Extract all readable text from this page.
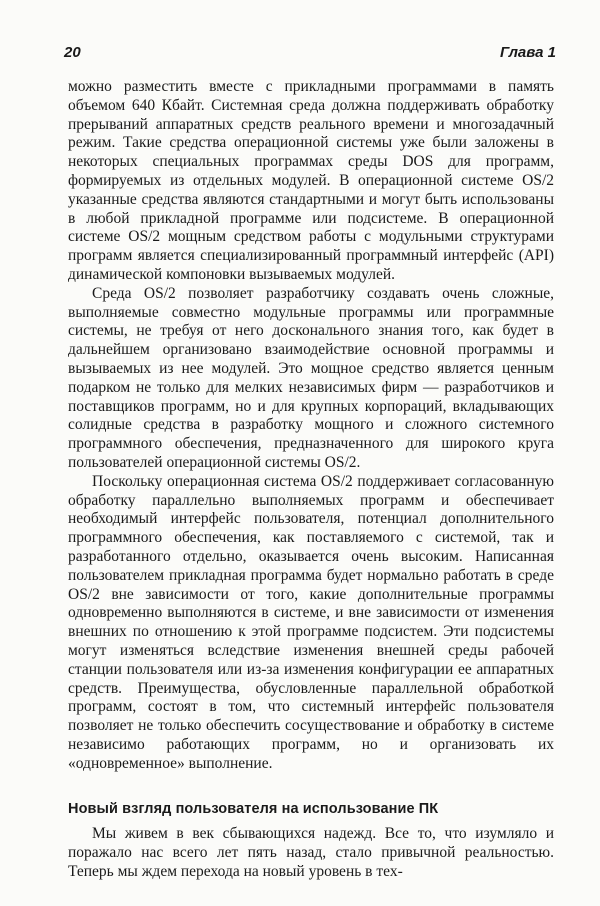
20	Глава 1

можно разместить вместе с прикладными программами в память объемом 640 Кбайт. Системная среда должна поддерживать обработку прерываний аппаратных средств реального времени и многозадачный режим. Такие средства операционной системы уже были заложены в некоторых специальных программах среды DOS для программ, формируемых из отдельных модулей. В операционной системе OS/2 указанные средства являются стандартными и могут быть использованы в любой прикладной программе или подсистеме. В операционной системе OS/2 мощным средством работы с модульными структурами программ является специализированный программный интерфейс (API) динамической компоновки вызываемых модулей.

Среда OS/2 позволяет разработчику создавать очень сложные, выполняемые совместно модульные программы или программные системы, не требуя от него досконального знания того, как будет в дальнейшем организовано взаимодействие основной программы и вызываемых из нее модулей. Это мощное средство является ценным подарком не только для мелких независимых фирм — разработчиков и поставщиков программ, но и для крупных корпораций, вкладывающих солидные средства в разработку мощного и сложного системного программного обеспечения, предназначенного для широкого круга пользователей операционной системы OS/2.

Поскольку операционная система OS/2 поддерживает согласованную обработку параллельно выполняемых программ и обеспечивает необходимый интерфейс пользователя, потенциал дополнительного программного обеспечения, как поставляемого с системой, так и разработанного отдельно, оказывается очень высоким. Написанная пользователем прикладная программа будет нормально работать в среде OS/2 вне зависимости от того, какие дополнительные программы одновременно выполняются в системе, и вне зависимости от изменения внешних по отношению к этой программе подсистем. Эти подсистемы могут изменяться вследствие изменения внешней среды рабочей станции пользователя или из-за изменения конфигурации ее аппаратных средств. Преимущества, обусловленные параллельной обработкой программ, состоят в том, что системный интерфейс пользователя позволяет не только обеспечить сосуществование и обработку в системе независимо работающих программ, но и организовать их «одновременное» выполнение.

Новый взгляд пользователя на использование ПК

Мы живем в век сбывающихся надежд. Все то, что изумляло и поражало нас всего лет пять назад, стало привычной реальностью. Теперь мы ждем перехода на новый уровень в тех-
